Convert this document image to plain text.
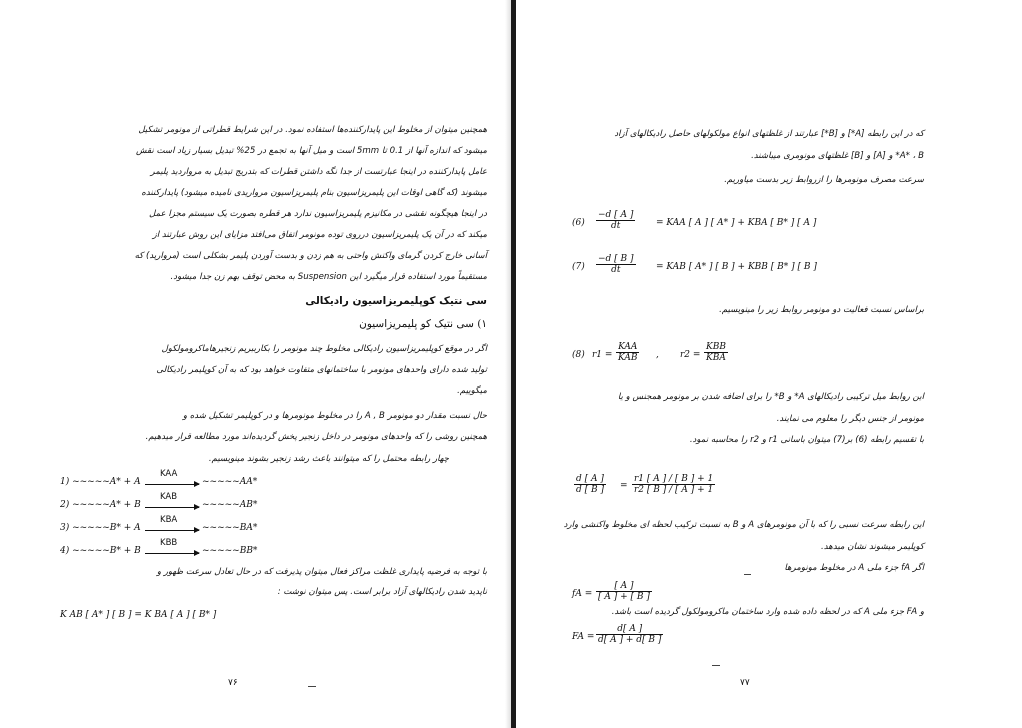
همچنین میتوان از مخلوط این پایدارکننده‌ها استفاده نمود. در این شرایط قطراتی از مونومر تشکیل
میشود که اندازه آنها از 0.1 تا 5mm است و میل آنها به تجمع در 25% تبدیل بسیار زیاد است نقش
عامل پایدارکننده در اینجا عبارتست از جدا نگه داشتن قطرات که بتدریج تبدیل به مرواردید پلیمر
میشوند (که گاهی اوقات این پلیمریزاسیون بنام پلیمریزاسیون مرواریدی نامیده میشود) پایدارکننده
در اینجا هیچگونه نقشی در مکانیزم پلیمریزاسیون ندارد هر قطره بصورت یک سیستم مجزا عمل
میکند که در آن یک پلیمریزاسیون درروی توده مونومر اتفاق می‌افتد مزایای این روش عبارتند از
آسانی خارج کردن گرمای واکنش واحتی به هم زدن و بدست آوردن پلیمر بشکلی است (مروارید) که
مستقیماً مورد استفاده قرار میگیرد این Suspension به محض توقف بهم زن جدا میشود.
سی نتیک کوپلیمریزاسیون رادیکالی
۱) سی نتیک کو پلیمریزاسیون
اگر در موقع کوپلیمریزاسیون رادیکالی مخلوط چند مونومر را بکارببریم زنجیرهاماکرومولکول
تولید شده دارای واحدهای مونومر با ساختمانهای متفاوت خواهد بود که به آن کوپلیمر رادیکالی
میگوییم.
حال نسبت مقدار دو مونومر A , B را در مخلوط مونومرها و در کوپلیمر تشکیل شده و
همچنین روشی را که واحدهای مونومر در داخل زنجیر پخش گردیده‌اند مورد مطالعه قرار میدهیم.
چهار رابطه محتمل را که میتوانند باعث رشد زنجیر بشوند مینویسیم.
1) ~~~~~A* + A
KAA
→ ~~~~~AA*
2) ~~~~~A* + B
KAB
→ ~~~~~AB*
3) ~~~~~B* + A
KBA
→ ~~~~~BA*
4) ~~~~~B* + B
KBB
→ ~~~~~BB*
با توجه به فرضیه پایداری غلظت مراکز فعال میتوان پذیرفت که در حال تعادل سرعت ظهور و
ناپدید شدن رادیکالهای آزاد برابر است. پس میتوان نوشت :
K AB [ A* ] [ B ] = K BA [ A ] [ B* ]
۷۶
که در این رابطه [A*] و [B*] عبارتند از غلظتهای انواع مولکولهای حاصل رادیکالهای آزاد
A* ، B* و [A] و [B] غلظتهای مونومری میباشند.
سرعت مصرف مونومرها را ازروابط زیر بدست میاوریم.
$(6) \frac{-d [ A ]}{dt}$ = KAA [ A ] [ A* ] + KBA [ B* ] [ A ]
$(7) \frac{-d [ B ]}{dt}$ = KAB [ A* ] [ B ] + KBB [ B* ] [ B ]
براساس نسبت فعالیت دو مونومر روابط زیر را مینویسیم.
(8) r1 =
KAA
KAB , r2 =
KBB
KBA
این روابط میل ترکیبی رادیکالهای A* و B* را برای اضافه شدن بر مونومر همجنس و یا
مونومر از جنس دیگر را معلوم می نمایند.
با تقسیم رابطه (6) بر(7) میتوان باسانی r1 و r2 را محاسبه نمود.
$\frac{d [ A ]}{d [ B ]} = \frac{r1 [ A ] / [ B ] + 1}{r2 [ B ] / [ A ] + 1}$
این رابطه سرعت نسبی را که با آن مونومرهای A و B به نسبت ترکیب لحظه ای مخلوط واکنشی وارد
کوپلیمر میشوند نشان میدهد.
اگر fA جزء ملی A در مخلوط مونومرها
fA = $\frac{[ A ]}{[ A ] + [ B ]}$
و FA جزء ملی A که در لحظه داده شده وارد ساختمان ماکرومولکول گردیده است باشد.
FA = $\frac{d[ A ]}{d[ A ] + d[ B ]}$
۷۷
